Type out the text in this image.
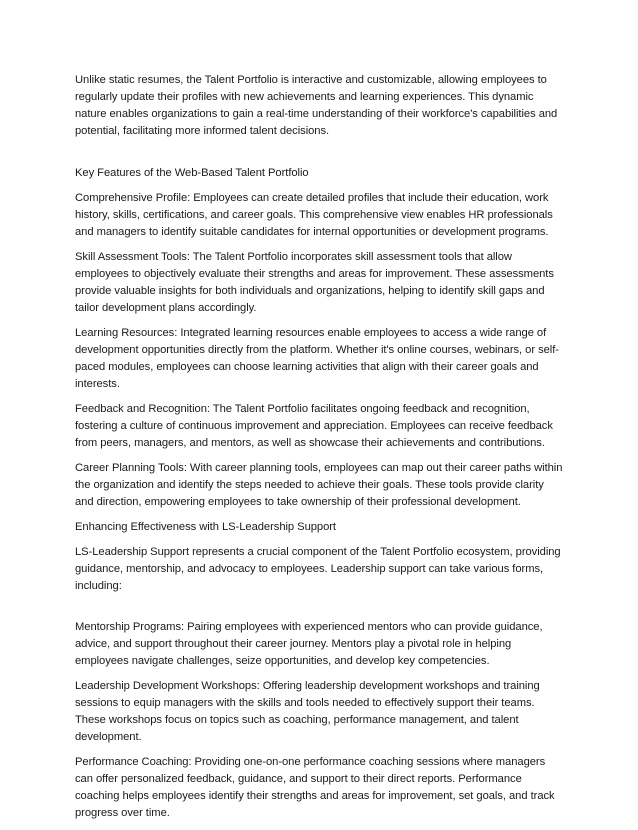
Unlike static resumes, the Talent Portfolio is interactive and customizable, allowing employees to regularly update their profiles with new achievements and learning experiences. This dynamic nature enables organizations to gain a real-time understanding of their workforce's capabilities and potential, facilitating more informed talent decisions.

Key Features of the Web-Based Talent Portfolio

Comprehensive Profile: Employees can create detailed profiles that include their education, work history, skills, certifications, and career goals. This comprehensive view enables HR professionals and managers to identify suitable candidates for internal opportunities or development programs.

Skill Assessment Tools: The Talent Portfolio incorporates skill assessment tools that allow employees to objectively evaluate their strengths and areas for improvement. These assessments provide valuable insights for both individuals and organizations, helping to identify skill gaps and tailor development plans accordingly.

Learning Resources: Integrated learning resources enable employees to access a wide range of development opportunities directly from the platform. Whether it's online courses, webinars, or self-paced modules, employees can choose learning activities that align with their career goals and interests.

Feedback and Recognition: The Talent Portfolio facilitates ongoing feedback and recognition, fostering a culture of continuous improvement and appreciation. Employees can receive feedback from peers, managers, and mentors, as well as showcase their achievements and contributions.

Career Planning Tools: With career planning tools, employees can map out their career paths within the organization and identify the steps needed to achieve their goals. These tools provide clarity and direction, empowering employees to take ownership of their professional development.

Enhancing Effectiveness with LS-Leadership Support

LS-Leadership Support represents a crucial component of the Talent Portfolio ecosystem, providing guidance, mentorship, and advocacy to employees. Leadership support can take various forms, including:

Mentorship Programs: Pairing employees with experienced mentors who can provide guidance, advice, and support throughout their career journey. Mentors play a pivotal role in helping employees navigate challenges, seize opportunities, and develop key competencies.

Leadership Development Workshops: Offering leadership development workshops and training sessions to equip managers with the skills and tools needed to effectively support their teams. These workshops focus on topics such as coaching, performance management, and talent development.

Performance Coaching: Providing one-on-one performance coaching sessions where managers can offer personalized feedback, guidance, and support to their direct reports. Performance coaching helps employees identify their strengths and areas for improvement, set goals, and track progress over time.
